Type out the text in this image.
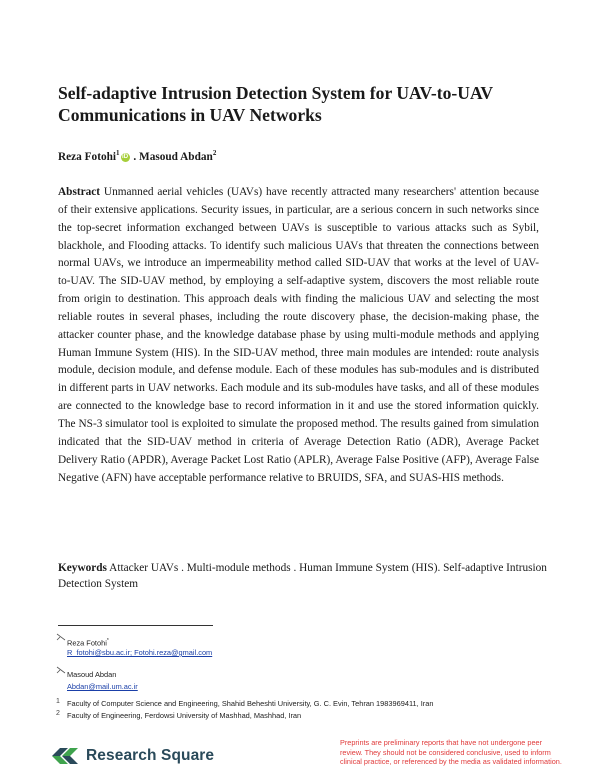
Self-adaptive Intrusion Detection System for UAV-to-UAV Communications in UAV Networks
Reza Fotohi$^1$ iD . Masoud Abdan$^2$
Abstract Unmanned aerial vehicles (UAVs) have recently attracted many researchers' attention because of their extensive applications. Security issues, in particular, are a serious concern in such networks since the top-secret information exchanged between UAVs is susceptible to various attacks such as Sybil, blackhole, and Flooding attacks. To identify such malicious UAVs that threaten the connections between normal UAVs, we introduce an impermeability method called SID-UAV that works at the level of UAV-to-UAV. The SID-UAV method, by employing a self-adaptive system, discovers the most reliable route from origin to destination. This approach deals with finding the malicious UAV and selecting the most reliable routes in several phases, including the route discovery phase, the decision-making phase, the attacker counter phase, and the knowledge database phase by using multi-module methods and applying Human Immune System (HIS). In the SID-UAV method, three main modules are intended: route analysis module, decision module, and defense module. Each of these modules has sub-modules and is distributed in different parts in UAV networks. Each module and its sub-modules have tasks, and all of these modules are connected to the knowledge base to record information in it and use the stored information quickly. The NS-3 simulator tool is exploited to simulate the proposed method. The results gained from simulation indicated that the SID-UAV method in criteria of Average Detection Ratio (ADR), Average Packet Delivery Ratio (APDR), Average Packet Lost Ratio (APLR), Average False Positive (AFP), Average False Negative (AFN) have acceptable performance relative to BRUIDS, SFA, and SUAS-HIS methods.
Keywords Attacker UAVs . Multi-module methods . Human Immune System (HIS). Self-adaptive Intrusion Detection System
Reza Fotohi*
R_fotohi@sbu.ac.ir; Fotohi.reza@gmail.com
Masoud Abdan
Abdan@mail.um.ac.ir
1 Faculty of Computer Science and Engineering, Shahid Beheshti University, G. C. Evin, Tehran 1983969411, Iran
2 Faculty of Engineering, Ferdowsi University of Mashhad, Mashhad, Iran
Research Square
Preprints are preliminary reports that have not undergone peer review. They should not be considered conclusive, used to inform clinical practice, or referenced by the media as validated information.
